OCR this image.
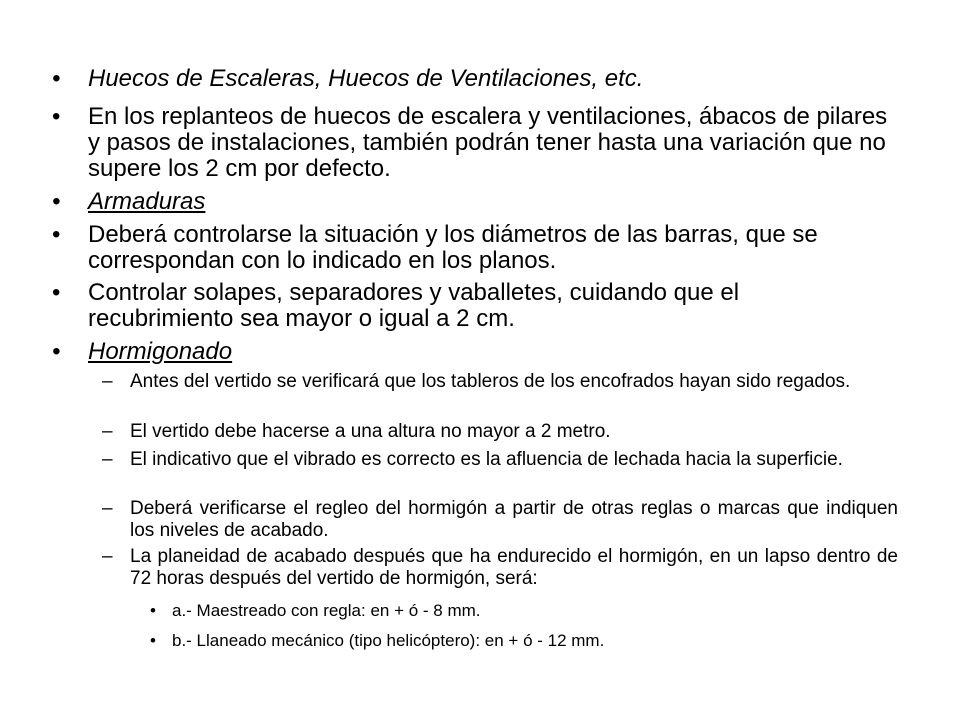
• Huecos de Escaleras, Huecos de Ventilaciones, etc.
• En los replanteos de huecos de escalera y ventilaciones, ábacos de pilares y pasos de instalaciones, también podrán tener hasta una variación que no supere los 2 cm por defecto.
• Armaduras
• Deberá controlarse la situación y los diámetros de las barras, que se correspondan con lo indicado en los planos.
• Controlar solapes, separadores y vaballetes, cuidando que el recubrimiento sea mayor o igual a 2 cm.
• Hormigonado
– Antes del vertido se verificará que los tableros de los encofrados hayan sido regados.
– El vertido debe hacerse a una altura no mayor a 2 metro.
– El indicativo que el vibrado es correcto es la afluencia de lechada hacia la superficie.
– Deberá verificarse el regleo del hormigón a partir de otras reglas o marcas que indiquen los niveles de acabado.
– La planeidad de acabado después que ha endurecido el hormigón, en un lapso dentro de 72 horas después del vertido de hormigón, será:
• a.- Maestreado con regla: en + ó - 8 mm.
• b.- Llaneado mecánico (tipo helicóptero): en + ó - 12 mm.
